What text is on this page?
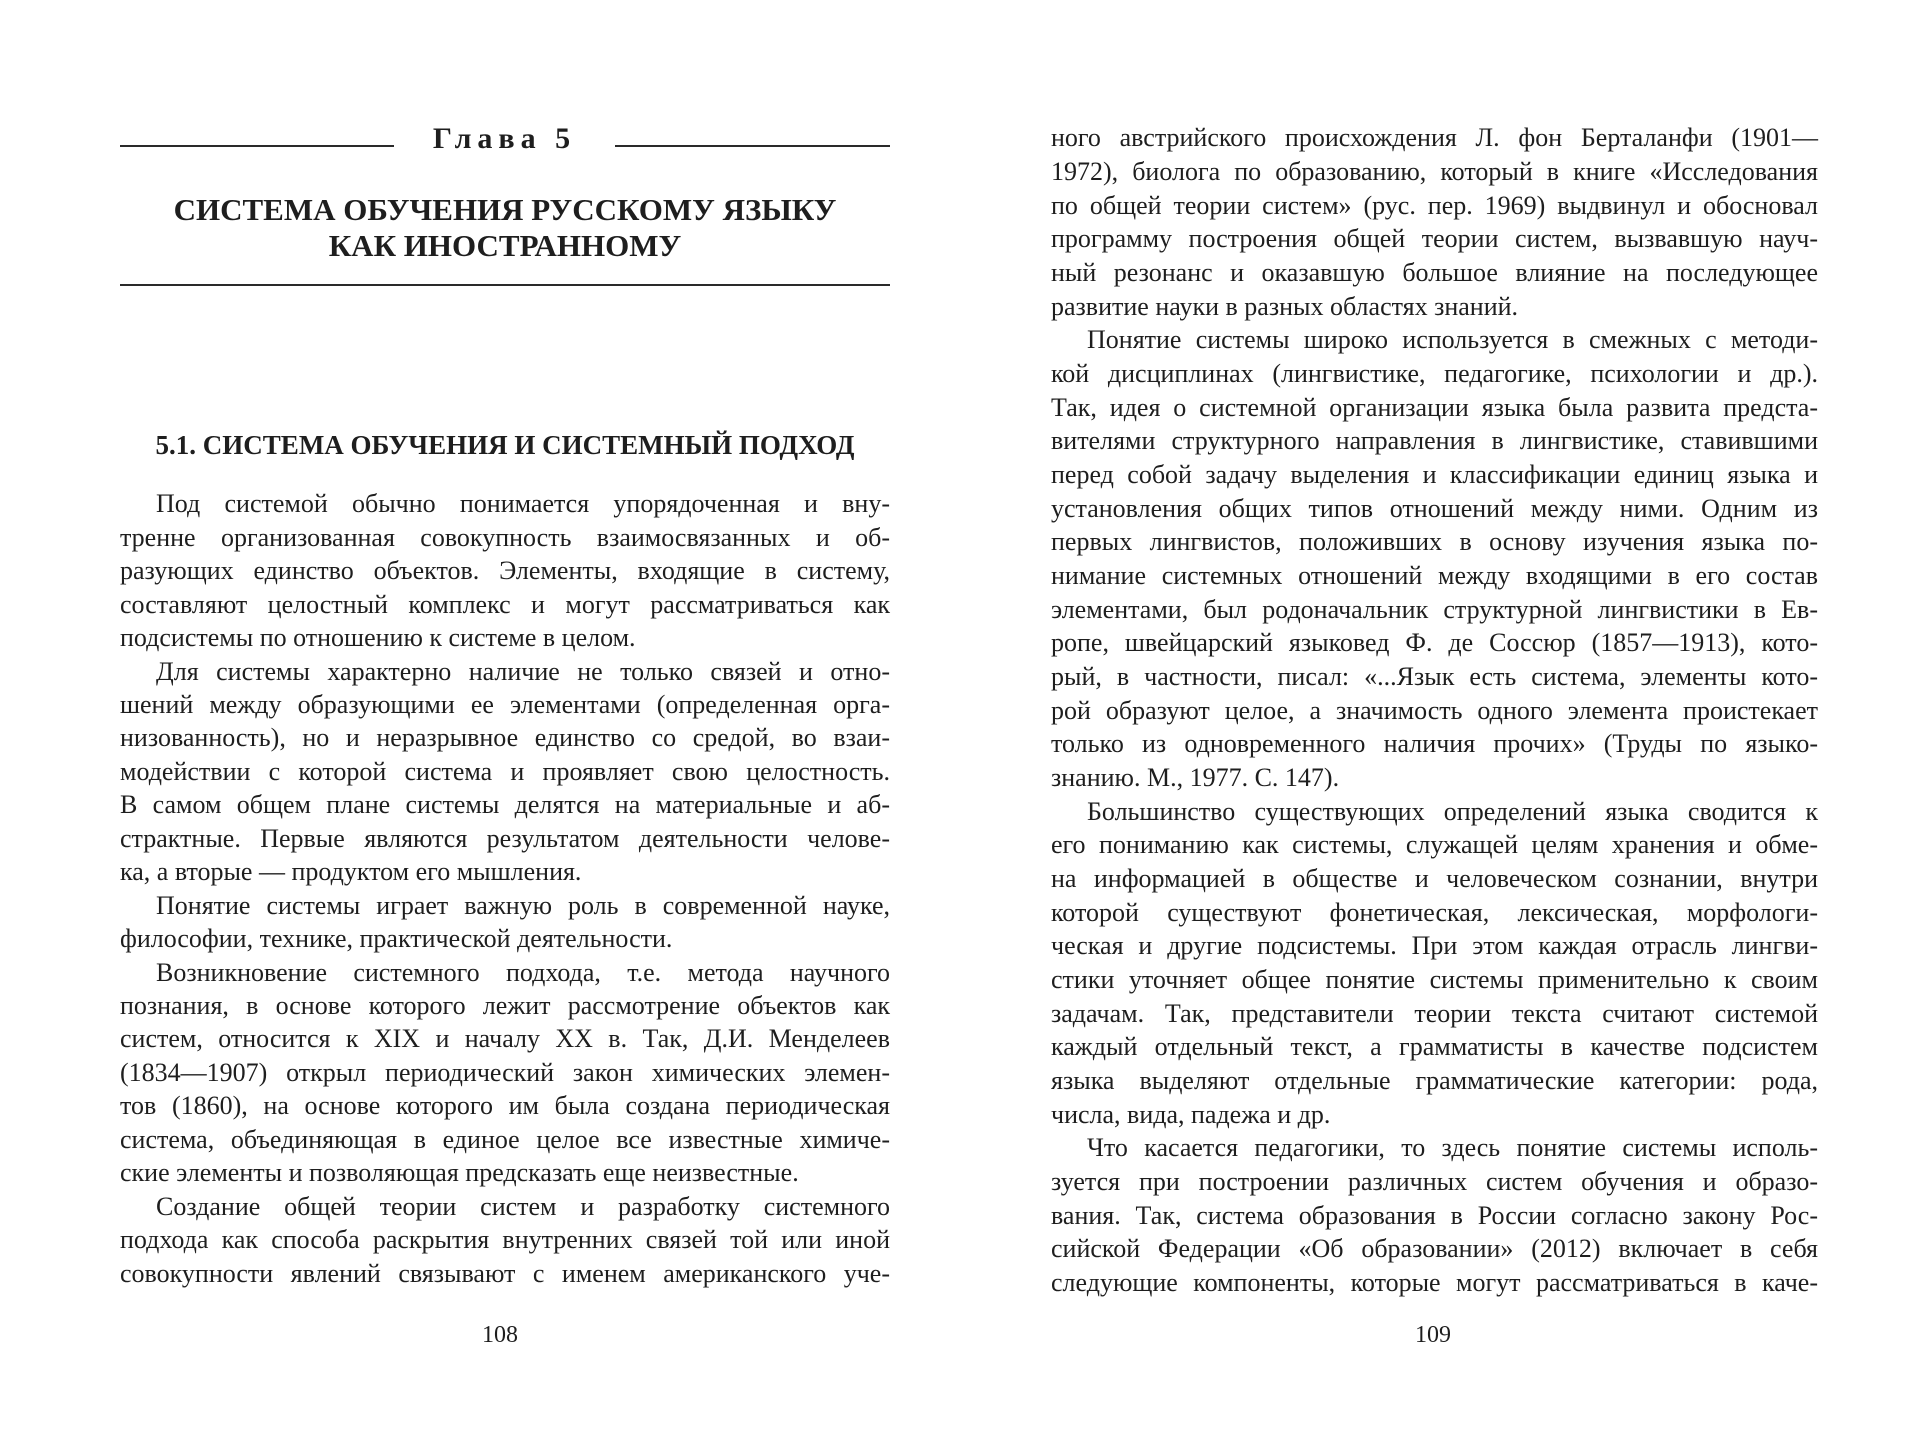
Глава 5
СИСТЕМА ОБУЧЕНИЯ РУССКОМУ ЯЗЫКУ
КАК ИНОСТРАННОМУ
5.1. СИСТЕМА ОБУЧЕНИЯ И СИСТЕМНЫЙ ПОДХОД
Под системой обычно понимается упорядоченная и вну-
тренне организованная совокупность взаимосвязанных и об-
разующих единство объектов. Элементы, входящие в систему,
составляют целостный комплекс и могут рассматриваться как
подсистемы по отношению к системе в целом.
Для системы характерно наличие не только связей и отно-
шений между образующими ее элементами (определенная орга-
низованность), но и неразрывное единство со средой, во взаи-
модействии с которой система и проявляет свою целостность.
В самом общем плане системы делятся на материальные и аб-
страктные. Первые являются результатом деятельности челове-
ка, а вторые — продуктом его мышления.
Понятие системы играет важную роль в современной науке,
философии, технике, практической деятельности.
Возникновение системного подхода, т.е. метода научного
познания, в основе которого лежит рассмотрение объектов как
систем, относится к XIX и началу XX в. Так, Д.И. Менделеев
(1834—1907) открыл периодический закон химических элемен-
тов (1860), на основе которого им была создана периодическая
система, объединяющая в единое целое все известные химиче-
ские элементы и позволяющая предсказать еще неизвестные.
Создание общей теории систем и разработку системного
подхода как способа раскрытия внутренних связей той или иной
совокупности явлений связывают с именем американского уче-
108
ного австрийского происхождения Л. фон Берталанфи (1901—
1972), биолога по образованию, который в книге «Исследования
по общей теории систем» (рус. пер. 1969) выдвинул и обосновал
программу построения общей теории систем, вызвавшую науч-
ный резонанс и оказавшую большое влияние на последующее
развитие науки в разных областях знаний.
Понятие системы широко используется в смежных с методи-
кой дисциплинах (лингвистике, педагогике, психологии и др.).
Так, идея о системной организации языка была развита предста-
вителями структурного направления в лингвистике, ставившими
перед собой задачу выделения и классификации единиц языка и
установления общих типов отношений между ними. Одним из
первых лингвистов, положивших в основу изучения языка по-
нимание системных отношений между входящими в его состав
элементами, был родоначальник структурной лингвистики в Ев-
ропе, швейцарский языковед Ф. де Соссюр (1857—1913), кото-
рый, в частности, писал: «...Язык есть система, элементы кото-
рой образуют целое, а значимость одного элемента проистекает
только из одновременного наличия прочих» (Труды по языко-
знанию. М., 1977. С. 147).
Большинство существующих определений языка сводится к
его пониманию как системы, служащей целям хранения и обме-
на информацией в обществе и человеческом сознании, внутри
которой существуют фонетическая, лексическая, морфологи-
ческая и другие подсистемы. При этом каждая отрасль лингви-
стики уточняет общее понятие системы применительно к своим
задачам. Так, представители теории текста считают системой
каждый отдельный текст, а грамматисты в качестве подсистем
языка выделяют отдельные грамматические категории: рода,
числа, вида, падежа и др.
Что касается педагогики, то здесь понятие системы исполь-
зуется при построении различных систем обучения и образо-
вания. Так, система образования в России согласно закону Рос-
сийской Федерации «Об образовании» (2012) включает в себя
следующие компоненты, которые могут рассматриваться в каче-
109
